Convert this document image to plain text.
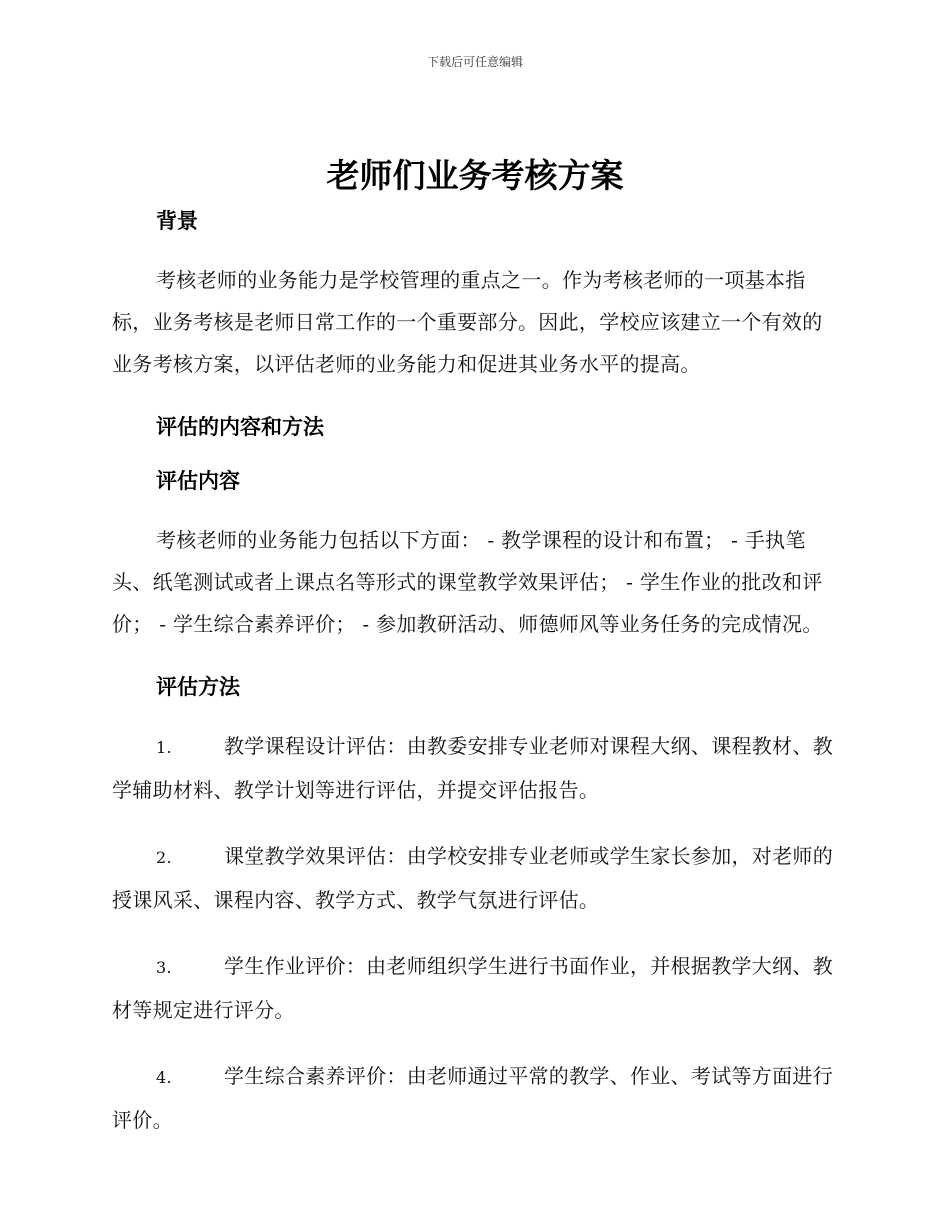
下载后可任意编辑
老师们业务考核方案
背景

考核老师的业务能力是学校管理的重点之一。作为考核老师的一项基本指标，业务考核是老师日常工作的一个重要部分。因此，学校应该建立一个有效的业务考核方案，以评估老师的业务能力和促进其业务水平的提高。

评估的内容和方法
评估内容

考核老师的业务能力包括以下方面： - 教学课程的设计和布置； - 手执笔头、纸笔测试或者上课点名等形式的课堂教学效果评估； - 学生作业的批改和评价； - 学生综合素养评价； - 参加教研活动、师德师风等业务任务的完成情况。

评估方法

1.	教学课程设计评估：由教委安排专业老师对课程大纲、课程教材、教学辅助材料、教学计划等进行评估，并提交评估报告。

2.	课堂教学效果评估：由学校安排专业老师或学生家长参加，对老师的授课风采、课程内容、教学方式、教学气氛进行评估。

3.	学生作业评价：由老师组织学生进行书面作业，并根据教学大纲、教材等规定进行评分。

4.	学生综合素养评价：由老师通过平常的教学、作业、考试等方面进行评价。
